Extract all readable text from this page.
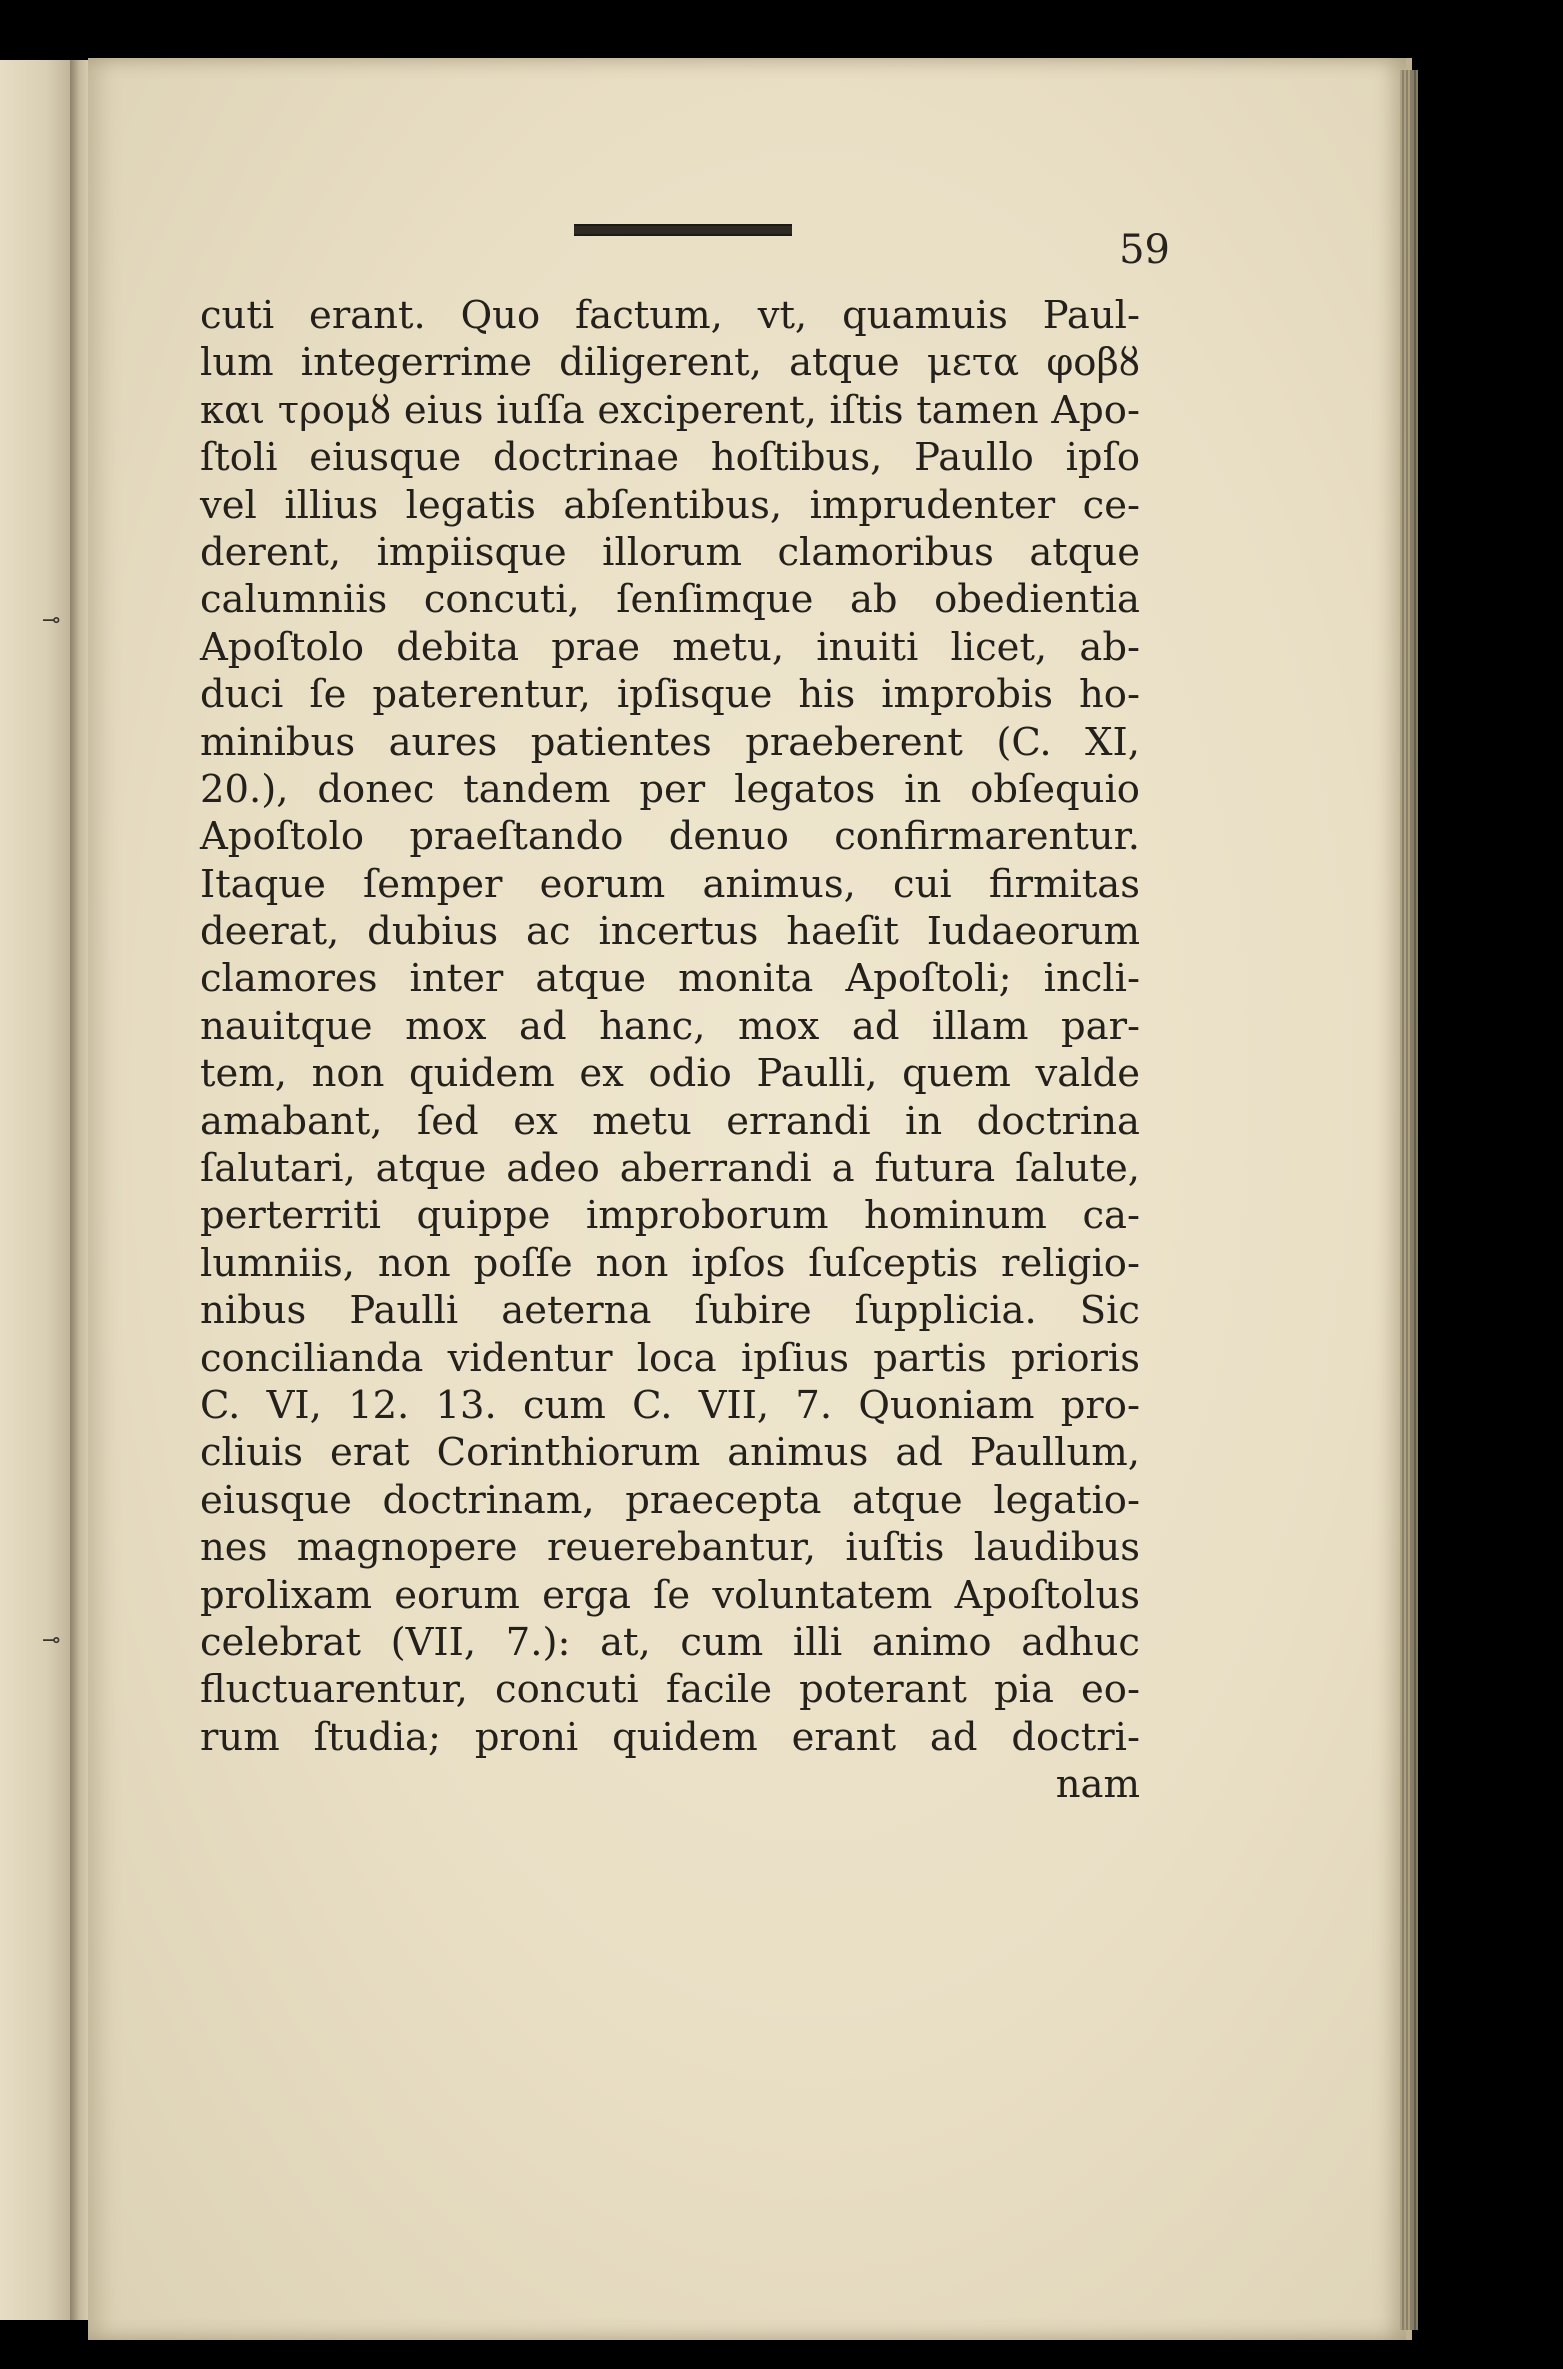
⊸
⊸
59
cuti erant. Quo factum, vt, quamuis Paul-
lum integerrime diligerent, atque μετα φοβȣ
και τρομȣ eius iuſſa exciperent, iſtis tamen Apo-
ſtoli eiusque doctrinae hoſtibus, Paullo ipſo
vel illius legatis abſentibus, imprudenter ce-
derent, impiisque illorum clamoribus atque
calumniis concuti, ſenſimque ab obedientia
Apoſtolo debita prae metu, inuiti licet, ab-
duci ſe paterentur, ipſisque his improbis ho-
minibus aures patientes praeberent (C. XI,
20.), donec tandem per legatos in obſequio
Apoſtolo praeſtando denuo confirmarentur.
Itaque ſemper eorum animus, cui firmitas
deerat, dubius ac incertus haeſit Iudaeorum
clamores inter atque monita Apoſtoli; incli-
nauitque mox ad hanc, mox ad illam par-
tem, non quidem ex odio Paulli, quem valde
amabant, ſed ex metu errandi in doctrina
ſalutari, atque adeo aberrandi a futura ſalute,
perterriti quippe improborum hominum ca-
lumniis, non poſſe non ipſos ſuſceptis religio-
nibus Paulli aeterna ſubire ſupplicia. Sic
concilianda videntur loca ipſius partis prioris
C. VI, 12. 13. cum C. VII, 7. Quoniam pro-
cliuis erat Corinthiorum animus ad Paullum,
eiusque doctrinam, praecepta atque legatio-
nes magnopere reuerebantur, iuſtis laudibus
prolixam eorum erga ſe voluntatem Apoſtolus
celebrat (VII, 7.): at, cum illi animo adhuc
fluctuarentur, concuti facile poterant pia eo-
rum ſtudia; proni quidem erant ad doctri-
nam
